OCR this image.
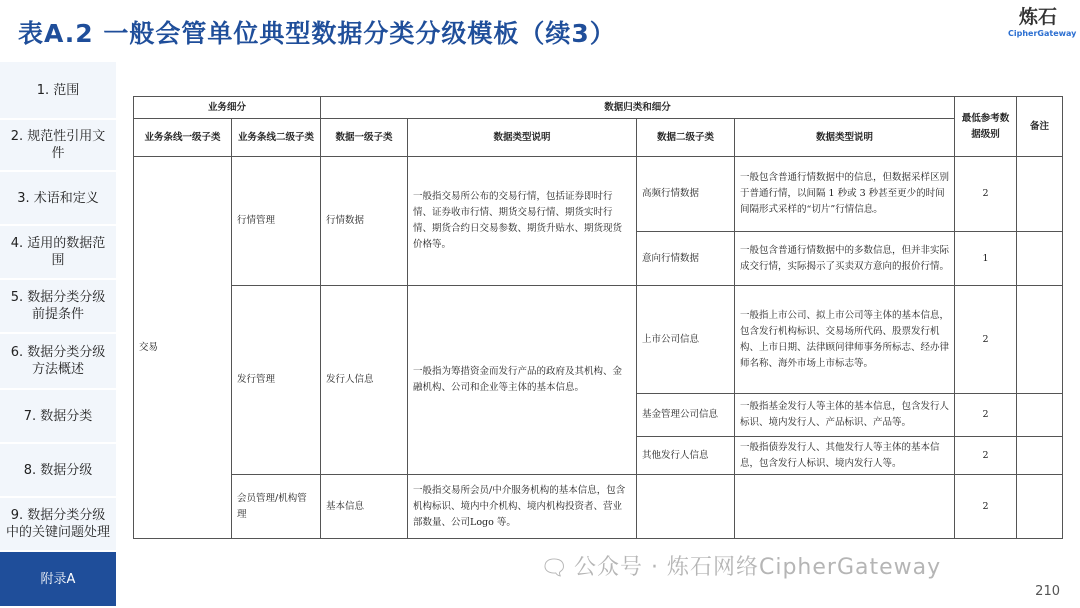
表A.2 一般会管单位典型数据分类分级模板（续3）
炼石
CipherGateway
1. 范围
2. 规范性引用文件
3. 术语和定义
4. 适用的数据范围
5. 数据分类分级前提条件
6. 数据分类分级方法概述
7. 数据分类
8. 数据分级
9. 数据分类分级中的关键问题处理
附录A
业务细分		数据归类和细分				最低参考数据级别	备注
业务条线一级子类	业务条线二级子类	数据一级子类	数据类型说明	数据二级子类	数据类型说明		
交易	行情管理	行情数据	一般指交易所公布的交易行情，包括证券即时行情、证券收市行情、期货交易行情、期货实时行情、期货合约日交易参数、期货升贴水、期货现货价格等。	高频行情数据	一般包含普通行情数据中的信息，但数据采样区别于普通行情，以间隔 1 秒或 3 秒甚至更少的时间间隔形式采样的“切片”行情信息。	2	
				意向行情数据	一般包含普通行情数据中的多数信息，但并非实际成交行情，实际揭示了买卖双方意向的报价行情。	1	
	发行管理	发行人信息	一般指为筹措资金而发行产品的政府及其机构、金融机构、公司和企业等主体的基本信息。	上市公司信息	一般指上市公司、拟上市公司等主体的基本信息，包含发行机构标识、交易场所代码、股票发行机构、上市日期、法律顾问律师事务所标志、经办律师名称、海外市场上市标志等。	2	
				基金管理公司信息	一般指基金发行人等主体的基本信息，包含发行人标识、境内发行人、产品标识、产品等。	2	
				其他发行人信息	一般指债券发行人、其他发行人等主体的基本信息，包含发行人标识、境内发行人等。	2	
	会员管理/机构管理	基本信息	一般指交易所会员/中介服务机构的基本信息，包含机构标识、境内中介机构、境内机构投资者、营业部数量、公司Logo 等。			2	
🗨 公众号 · 炼石网络CipherGateway
210
